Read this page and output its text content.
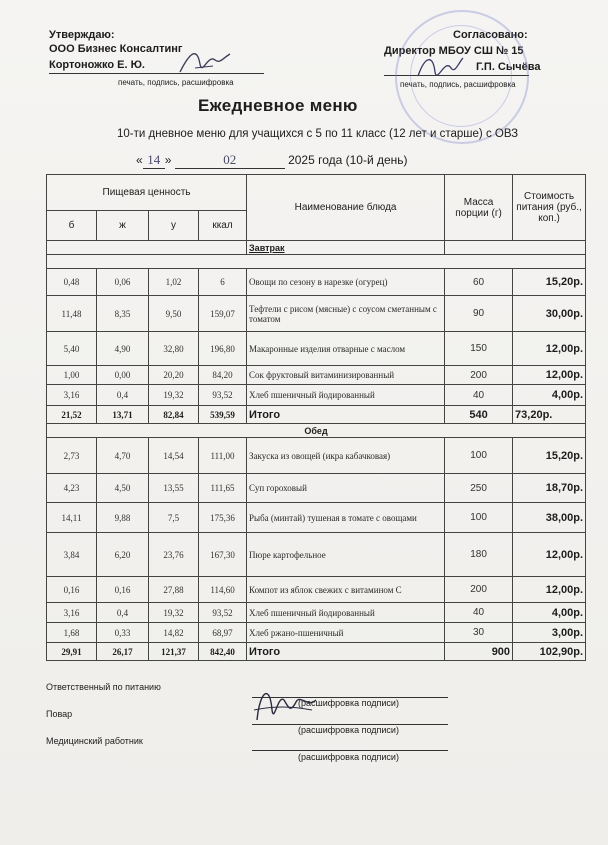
Утверждаю:
ООО Бизнес Консалтинг
Кортоножко Е. Ю.
печать, подпись, расшифровка
Согласовано:
Директор МБОУ СШ № 15
Г.П. Сычёва
печать, подпись, расшифровка
Ежедневное меню
10-ти дневное меню для учащихся с 5 по 11 класс (12 лет и старше) с ОВЗ
« 14 »	02	2025 года (10-й день)
Пищевая ценность				Наименование блюда	Масса порции (г)	Стоимость питания (руб., коп.)
б	ж	у	ккал			
				Завтрак		

0,48	0,06	1,02	6	Овощи по сезону в нарезке (огурец)	60	15,20р.
11,48	8,35	9,50	159,07	Тефтели с рисом (мясные) с соусом сметанным с томатом	90	30,00р.
5,40	4,90	32,80	196,80	Макаронные изделия отварные с маслом	150	12,00р.
1,00	0,00	20,20	84,20	Сок фруктовый витаминизированный	200	12,00р.
3,16	0,4	19,32	93,52	Хлеб пшеничный йодированный	40	4,00р.
21,52	13,71	82,84	539,59	Итого	540	73,20р.
Обед						
2,73	4,70	14,54	111,00	Закуска из овощей (икра кабачковая)	100	15,20р.
4,23	4,50	13,55	111,65	Суп гороховый	250	18,70р.
14,11	9,88	7,5	175,36	Рыба (минтай) тушеная в томате с овощами	100	38,00р.
3,84	6,20	23,76	167,30	Пюре картофельное	180	12,00р.
0,16	0,16	27,88	114,60	Компот из яблок свежих с витамином С	200	12,00р.
3,16	0,4	19,32	93,52	Хлеб пшеничный йодированный	40	4,00р.
1,68	0,33	14,82	68,97	Хлеб ржано-пшеничный	30	3,00р.
29,91	26,17	121,37	842,40	Итого	900	102,90р.
Ответственный по питанию
(расшифровка подписи)
Повар
(расшифровка подписи)
Медицинский работник
(расшифровка подписи)
